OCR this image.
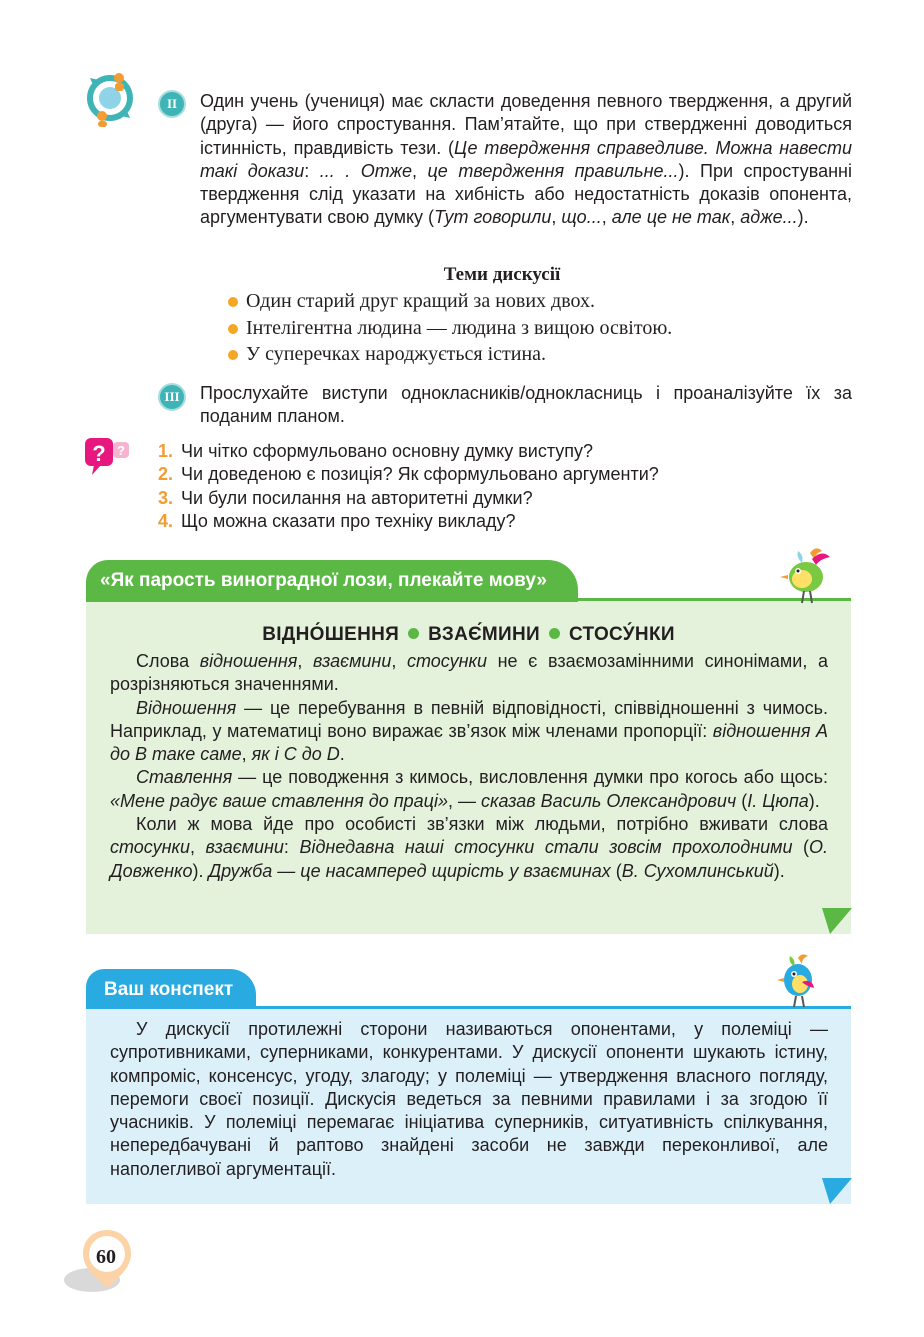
II	Один учень (учениця) має скласти доведення певного твердження, а другий (друга) — його спростування. Пам’ятайте, що при ствердженні доводиться істинність, правдивість тези. (Це твердження справедливе. Можна навести такі докази: ... . Отже, це твердження правильне...). При спростуванні твердження слід указати на хибність або недостатність доказів опонента, аргументувати свою думку (Тут говорили, що..., але це не так, адже...).

Теми дискусії
Один старий друг кращий за нових двох.
Інтелігентна людина — людина з вищою освітою.
У суперечках народжується істина.
III	Прослухайте виступи однокласників/однокласниць і проаналізуйте їх за поданим планом.

? ? 1. Чи чітко сформульовано основну думку виступу?
2. Чи доведеною є позиція? Як сформульовано аргументи?
3. Чи були посилання на авторитетні думки?
4. Що можна сказати про техніку викладу?
«Як парость виноградної лози, плекайте мову»
ВІДНО́ШЕННЯ ВЗАЄ́МИНИ СТОСУ́НКИ

Слова відношення, взаємини, стосунки не є взаємозамінними синонімами, а розрізняються значеннями.

Відношення — це перебування в певній відповідності, співвідношенні з чимось. Наприклад, у математиці воно виражає зв’язок між членами пропорції: відношення А до В таке саме, як і С до D.

Ставлення — це поводження з кимось, висловлення думки про когось або щось: «Мене радує ваше ставлення до праці», — сказав Василь Олександрович (І. Цюпа).

Коли ж мова йде про особисті зв’язки між людьми, потрібно вживати слова стосунки, взаємини: Віднедавна наші стосунки стали зовсім прохолодними (О. Довженко). Дружба — це насамперед щирість у взаєминах (В. Сухомлинський).

Ваш конспект

У дискусії протилежні сторони називаються опонентами, у полеміці — супротивниками, суперниками, конкурентами. У дискусії опоненти шукають істину, компроміс, консенсус, угоду, злагоду; у полеміці — утвердження власного погляду, перемоги своєї позиції. Дискусія ведеться за певними правилами і за згодою її учасників. У полеміці перемагає ініціатива суперників, ситуативність спілкування, непередбачувані й раптово знайдені засоби не завжди переконливої, але наполегливої аргументації.

60
